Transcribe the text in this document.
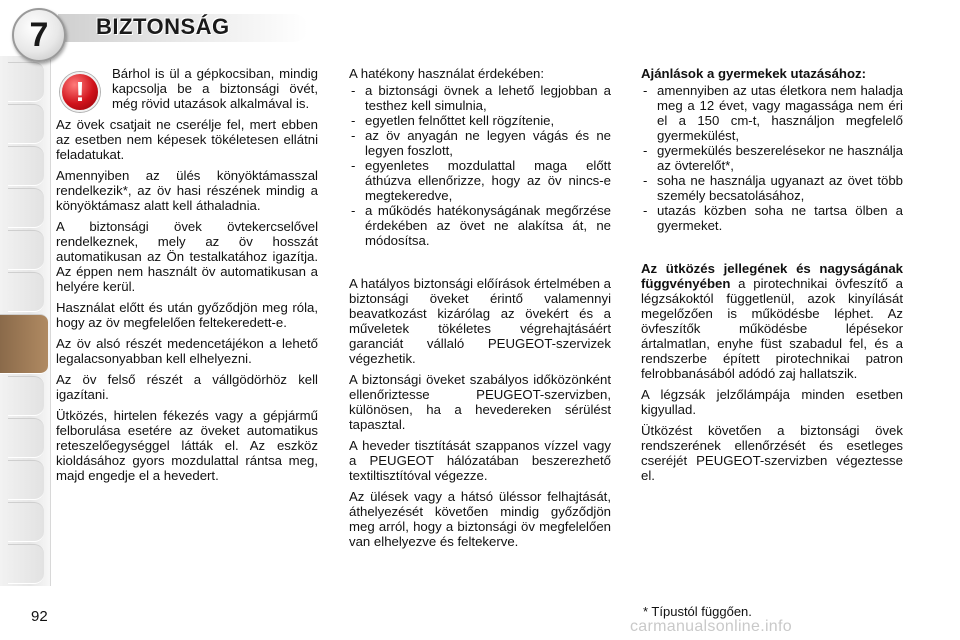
7	BIZTONSÁG
!

Bárhol is ül a gépkocsiban, mindig kapcsolja be a biztonsági övét, még rövid utazások alkalmával is.

Az övek csatjait ne cserélje fel, mert ebben az esetben nem képesek tökéletesen ellátni feladatukat.

Amennyiben az ülés könyöktámasszal rendelkezik*, az öv hasi részének mindig a könyöktámasz alatt kell áthaladnia.

A biztonsági övek övtekercselővel rendelkeznek, mely az öv hosszát automatikusan az Ön testalkatához igazítja. Az éppen nem használt öv automatikusan a helyére kerül.

Használat előtt és után győződjön meg róla, hogy az öv megfelelően feltekeredett-e.

Az öv alsó részét medencetájékon a lehető legalacsonyabban kell elhelyezni.

Az öv felső részét a vállgödörhöz kell igazítani.

Ütközés, hirtelen fékezés vagy a gépjármű felborulása esetére az öveket automatikus reteszelőegységgel látták el. Az eszköz kioldásához gyors mozdulattal rántsa meg, majd engedje el a hevedert.

A hatékony használat érdekében:

- a biztonsági övnek a lehető legjobban a testhez kell simulnia,
- egyetlen felnőttet kell rögzítenie,
- az öv anyagán ne legyen vágás és ne legyen foszlott,
- egyenletes mozdulattal maga előtt áthúzva ellenőrizze, hogy az öv nincs-e megtekeredve,
- a működés hatékonyságának megőrzése érdekében az övet ne alakítsa át, ne módosítsa.

A hatályos biztonsági előírások értelmében a biztonsági öveket érintő valamennyi beavatkozást kizárólag az övekért és a műveletek tökéletes végrehajtásáért garanciát vállaló PEUGEOT-szervizek végezhetik.

A biztonsági öveket szabályos időközönként ellenőriztesse PEUGEOT-szervizben, különösen, ha a hevedereken sérülést tapasztal.

A heveder tisztítását szappanos vízzel vagy a PEUGEOT hálózatában beszerezhető textiltisztítóval végezze.

Az ülések vagy a hátsó üléssor felhajtását, áthelyezését követően mindig győződjön meg arról, hogy a biztonsági öv megfelelően van elhelyezve és feltekerve.

Ajánlások a gyermekek utazásához:

- amennyiben az utas életkora nem haladja meg a 12 évet, vagy magassága nem éri el a 150 cm-t, használjon megfelelő gyermekülést,
- gyermekülés beszerelésekor ne használja az övterelőt*,
- soha ne használja ugyanazt az övet több személy becsatolásához,
- utazás közben soha ne tartsa ölben a gyermeket.

Az ütközés jellegének és nagyságának függvényében a pirotechnikai övfeszítő a légzsákoktól függetlenül, azok kinyílását megelőzően is működésbe léphet. Az övfeszítők működésbe lépésekor ártalmatlan, enyhe füst szabadul fel, és a rendszerbe épített pirotechnikai patron felrobbanásából adódó zaj hallatszik.

A légzsák jelzőlámpája minden esetben kigyullad.

Ütközést követően a biztonsági övek rendszerének ellenőrzését és esetleges cseréjét PEUGEOT-szervizben végeztesse el.

92	* Típustól függően.
carmanualsonline.info
